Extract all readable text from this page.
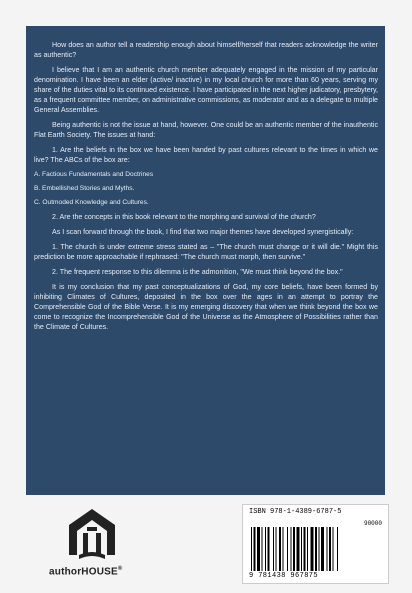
How does an author tell a readership enough about himself/herself that readers acknowledge the writer as authentic?

I believe that I am an authentic church member adequately engaged in the mission of my particular denomination. I have been an elder (active/ inactive) in my local church for more than 60 years, serving my share of the duties vital to its continued existence. I have participated in the next higher judicatory, presbytery, as a frequent committee member, on administrative commissions, as moderator and as a delegate to multiple General Assemblies.

Being authentic is not the issue at hand, however. One could be an authentic member of the inauthentic Flat Earth Society. The issues at hand:

1. Are the beliefs in the box we have been handed by past cultures relevant to the times in which we live? The ABCs of the box are:

A. Factious Fundamentals and Doctrines

B. Embellished Stories and Myths.

C. Outmoded Knowledge and Cultures.

2. Are the concepts in this book relevant to the morphing and survival of the church?

As I scan forward through the book, I find that two major themes have developed synergistically:

1. The church is under extreme stress stated as – "The church must change or it will die." Might this prediction be more approachable if rephrased: "The church must morph, then survive."

2. The frequent response to this dilemma is the admonition, "We must think beyond the box."

It is my conclusion that my past conceptualizations of God, my core beliefs, have been formed by inhibiting Climates of Cultures, deposited in the box over the ages in an attempt to portray the Comprehensible God of the Bible Verse. It is my emerging discovery that when we think beyond the box we come to recognize the Incomprehensible God of the Universe as the Atmosphere of Possibilities rather than the Climate of Cultures.

authorHOUSE®
ISBN 978-1-4389-6787-5
90000
9 781438 967875
